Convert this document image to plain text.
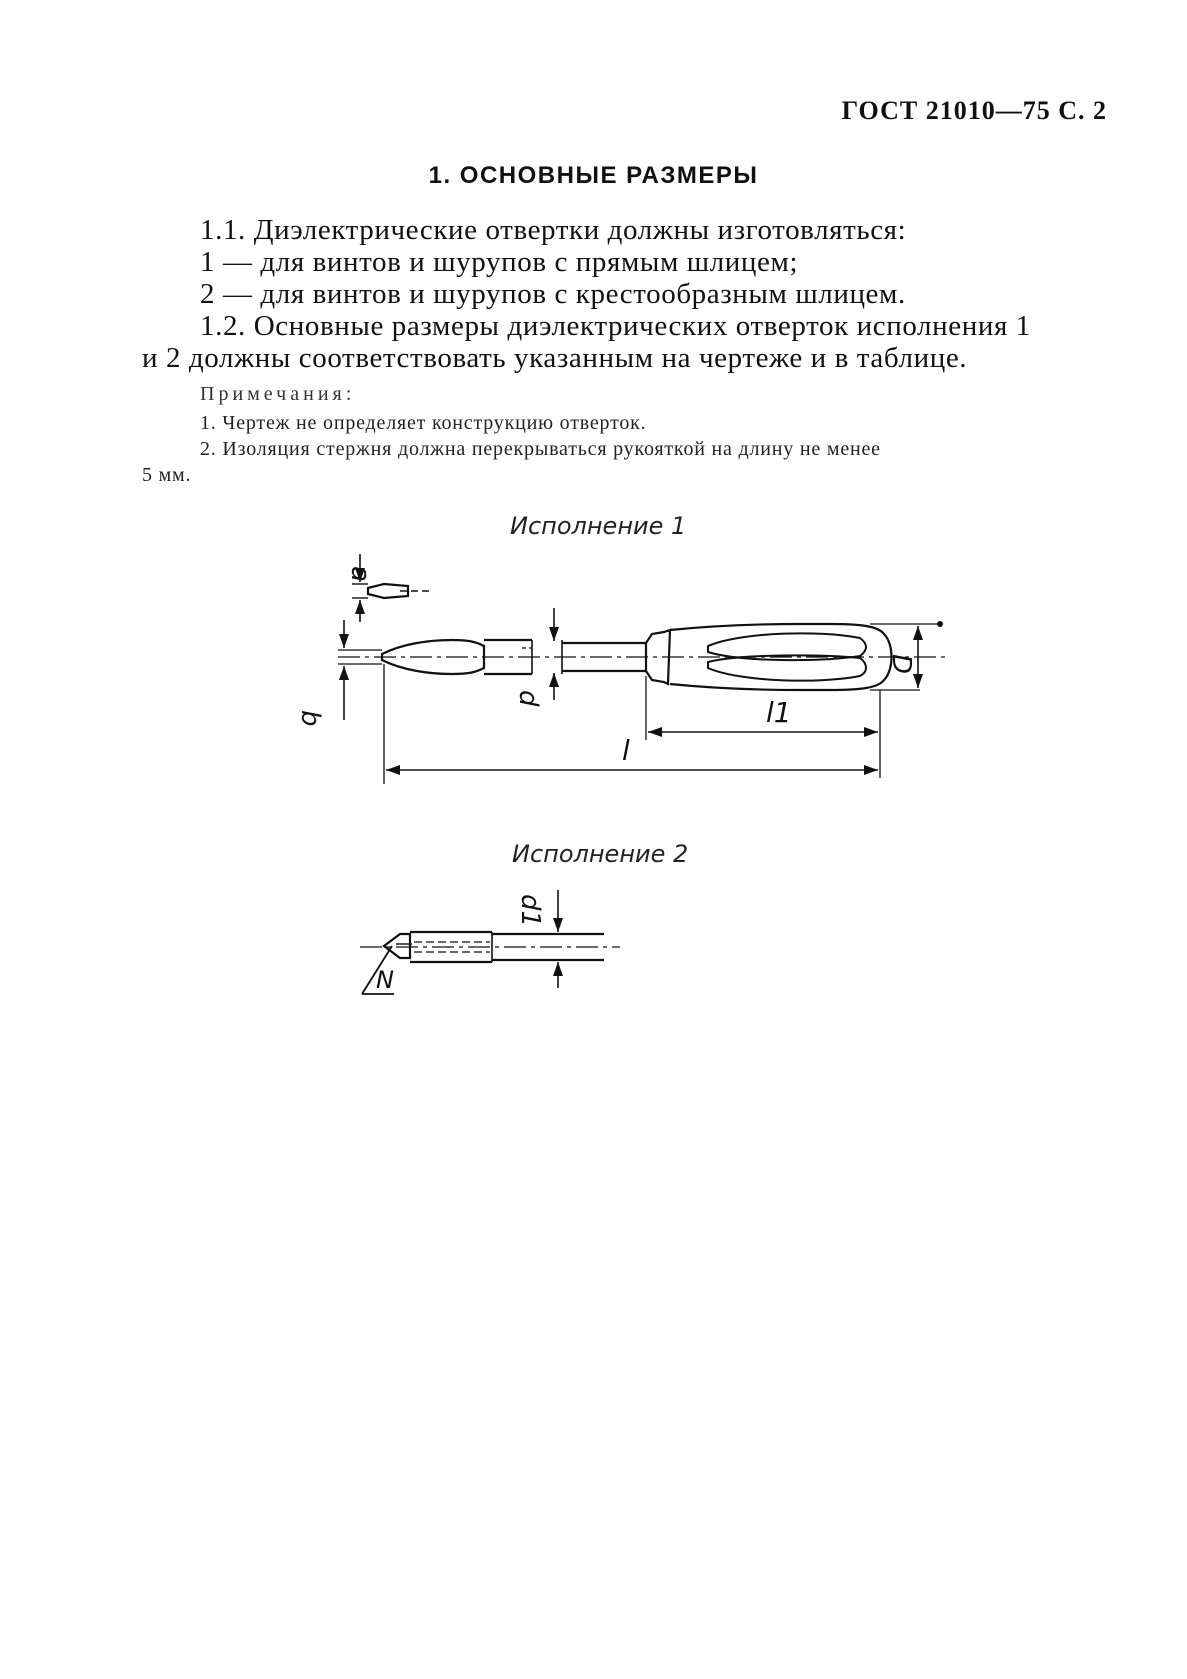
ГОСТ 21010—75 С. 2
1. ОСНОВНЫЕ РАЗМЕРЫ
1.1. Диэлектрические отвертки должны изготовляться:
1 — для винтов и шурупов с прямым шлицем;
2 — для винтов и шурупов с крестообразным шлицем.
1.2. Основные размеры диэлектрических отверток исполнения 1
и 2 должны соответствовать указанным на чертеже и в таблице.
Примечания:
1. Чертеж не определяет конструкцию отверток.
2. Изоляция стержня должна перекрываться рукояткой на длину не менее
5 мм.
Исполнение 1
a
b
d
D
l1
l
Исполнение 2
d1
N
